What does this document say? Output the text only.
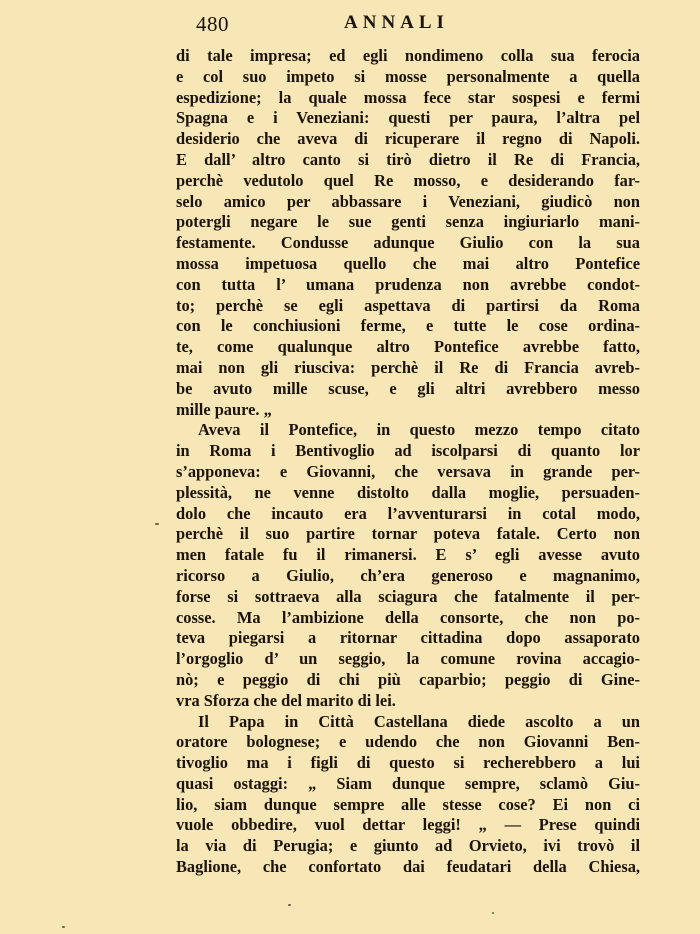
480	ANNALI
di tale impresa; ed egli nondimeno colla sua ferocia
e col suo impeto si mosse personalmente a quella
espedizione; la quale mossa fece star sospesi e fermi
Spagna e i Veneziani: questi per paura, l’altra pel
desiderio che aveva di ricuperare il regno di Napoli.
E dall’ altro canto si tirò dietro il Re di Francia,
perchè vedutolo quel Re mosso, e desiderando far-
selo amico per abbassare i Veneziani, giudicò non
potergli negare le sue genti senza ingiuriarlo mani-
festamente. Condusse adunque Giulio con la sua
mossa impetuosa quello che mai altro Pontefice
con tutta l’ umana prudenza non avrebbe condot-
to; perchè se egli aspettava di partirsi da Roma
con le conchiusioni ferme, e tutte le cose ordina-
te, come qualunque altro Pontefice avrebbe fatto,
mai non gli riusciva: perchè il Re di Francia avreb-
be avuto mille scuse, e gli altri avrebbero messo
mille paure. „
Aveva il Pontefice, in questo mezzo tempo citato
in Roma i Bentivoglio ad iscolparsi di quanto lor
s’apponeva: e Giovanni, che versava in grande per-
plessità, ne venne distolto dalla moglie, persuaden-
dolo che incauto era l’avventurarsi in cotal modo,
perchè il suo partire tornar poteva fatale. Certo non
men fatale fu il rimanersi. E s’ egli avesse avuto
ricorso a Giulio, ch’era generoso e magnanimo,
forse si sottraeva alla sciagura che fatalmente il per-
cosse. Ma l’ambizione della consorte, che non po-
teva piegarsi a ritornar cittadina dopo assaporato
l’orgoglio d’ un seggio, la comune rovina accagio-
nò; e peggio di chi più caparbio; peggio di Gine-
vra Sforza che del marito di lei.
Il Papa in Città Castellana diede ascolto a un
oratore bolognese; e udendo che non Giovanni Ben-
tivoglio ma i figli di questo si recherebbero a lui
quasi ostaggi: „ Siam dunque sempre, sclamò Giu-
lio, siam dunque sempre alle stesse cose? Ei non ci
vuole obbedire, vuol dettar leggi! „ — Prese quindi
la via di Perugia; e giunto ad Orvieto, ivi trovò il
Baglione, che confortato dai feudatari della Chiesa,
